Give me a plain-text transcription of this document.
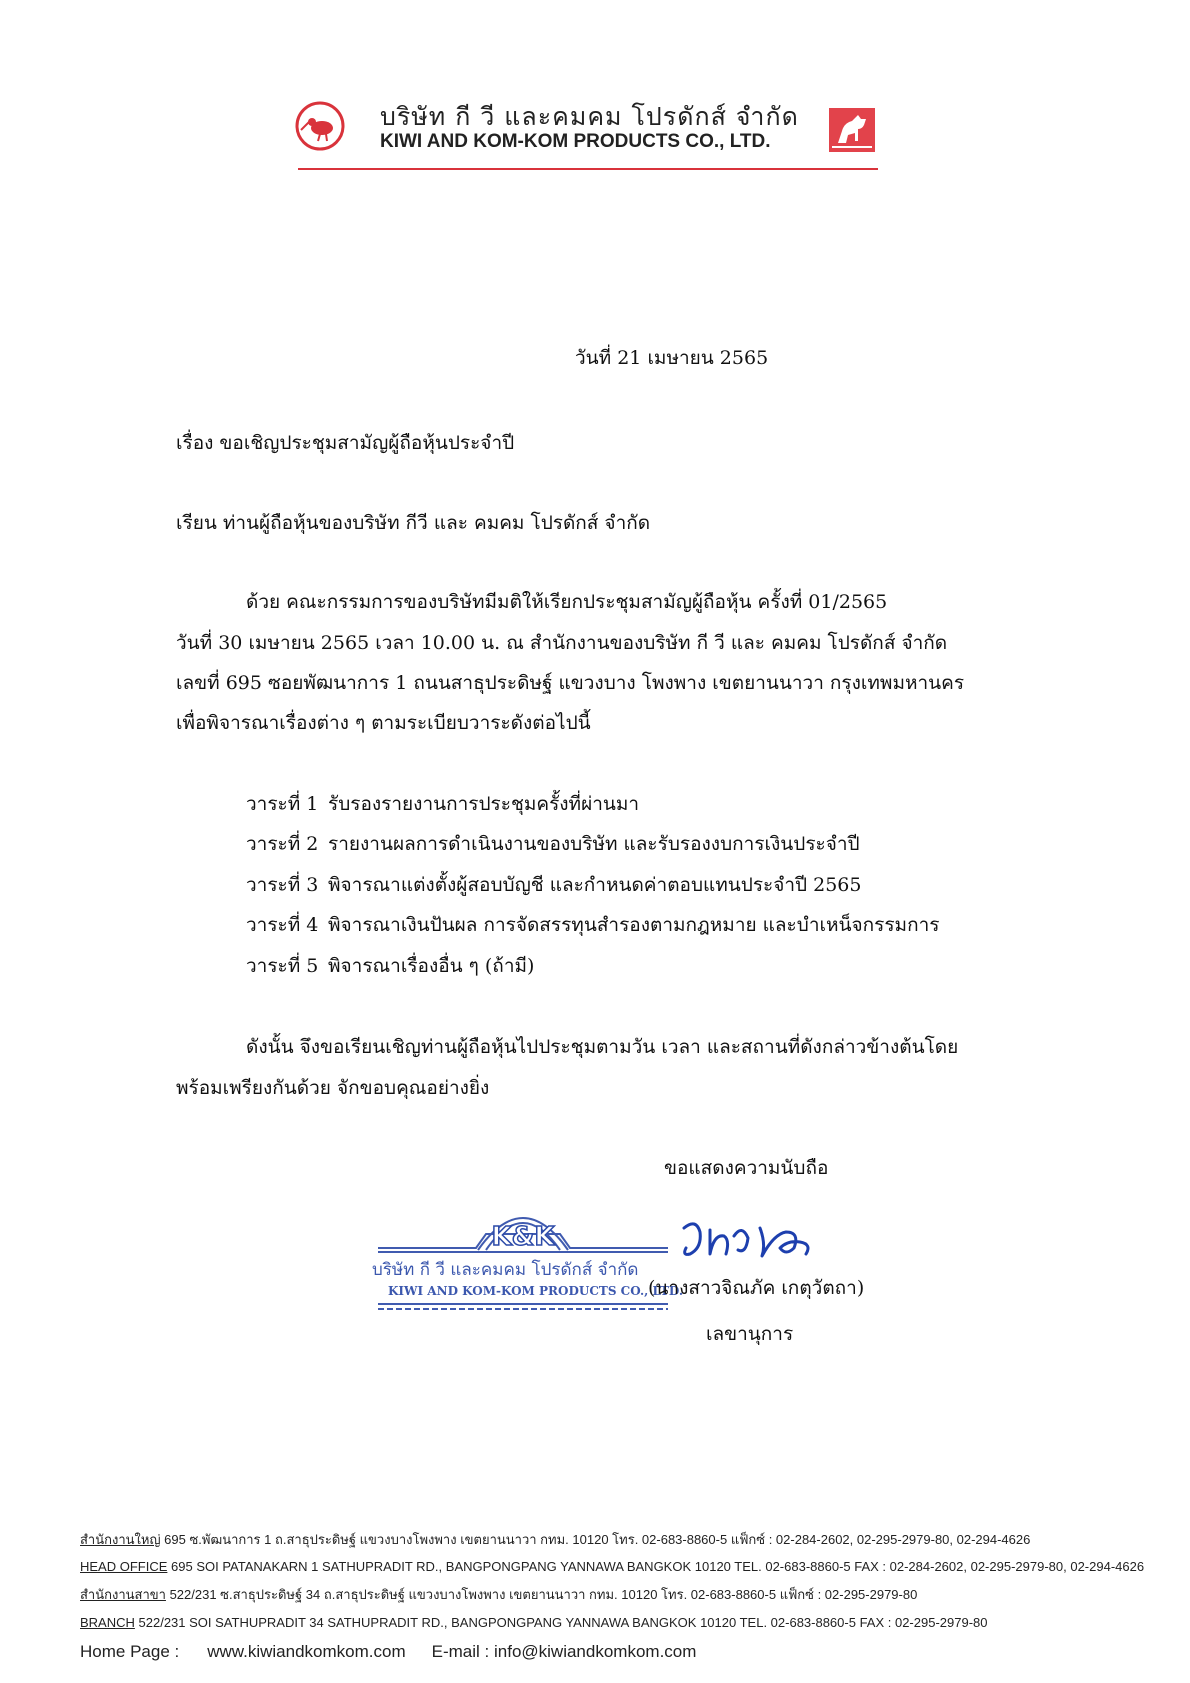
บริษัท กี วี และคมคม โปรดักส์ จำกัด
KIWI AND KOM-KOM PRODUCTS CO., LTD.
วันที่ 21 เมษายน 2565
เรื่อง ขอเชิญประชุมสามัญผู้ถือหุ้นประจำปี
เรียน ท่านผู้ถือหุ้นของบริษัท กีวี และ คมคม โปรดักส์ จำกัด
ด้วย คณะกรรมการของบริษัทมีมติให้เรียกประชุมสามัญผู้ถือหุ้น ครั้งที่ 01/2565
วันที่ 30 เมษายน 2565 เวลา 10.00 น. ณ สำนักงานของบริษัท กี วี และ คมคม โปรดักส์ จำกัด
เลขที่ 695 ซอยพัฒนาการ 1 ถนนสาธุประดิษฐ์ แขวงบาง โพงพาง เขตยานนาวา กรุงเทพมหานคร
เพื่อพิจารณาเรื่องต่าง ๆ ตามระเบียบวาระดังต่อไปนี้
วาระที่ 1 รับรองรายงานการประชุมครั้งที่ผ่านมา
วาระที่ 2 รายงานผลการดำเนินงานของบริษัท และรับรองงบการเงินประจำปี
วาระที่ 3 พิจารณาแต่งตั้งผู้สอบบัญชี และกำหนดค่าตอบแทนประจำปี 2565
วาระที่ 4 พิจารณาเงินปันผล การจัดสรรทุนสำรองตามกฎหมาย และบำเหน็จกรรมการ
วาระที่ 5 พิจารณาเรื่องอื่น ๆ (ถ้ามี)
ดังนั้น จึงขอเรียนเชิญท่านผู้ถือหุ้นไปประชุมตามวัน เวลา และสถานที่ดังกล่าวข้างต้นโดย
พร้อมเพรียงกันด้วย จักขอบคุณอย่างยิ่ง
ขอแสดงความนับถือ
K&K
บริษัท กี วี และคมคม โปรดักส์ จำกัด
KIWI AND KOM-KOM PRODUCTS CO., LTD.
(นางสาวจิณภัค เกตุวัตถา)
เลขานุการ
สำนักงานใหญ่ 695 ซ.พัฒนาการ 1 ถ.สาธุประดิษฐ์ แขวงบางโพงพาง เขตยานนาวา กทม. 10120 โทร. 02-683-8860-5 แฟ็กซ์ : 02-284-2602, 02-295-2979-80, 02-294-4626
HEAD OFFICE 695 SOI PATANAKARN 1 SATHUPRADIT RD., BANGPONGPANG YANNAWA BANGKOK 10120 TEL. 02-683-8860-5 FAX : 02-284-2602, 02-295-2979-80, 02-294-4626
สำนักงานสาขา 522/231 ซ.สาธุประดิษฐ์ 34 ถ.สาธุประดิษฐ์ แขวงบางโพงพาง เขตยานนาวา กทม. 10120 โทร. 02-683-8860-5 แฟ็กซ์ : 02-295-2979-80
BRANCH 522/231 SOI SATHUPRADIT 34 SATHUPRADIT RD., BANGPONGPANG YANNAWA BANGKOK 10120 TEL. 02-683-8860-5 FAX : 02-295-2979-80
Home Page : www.kiwiandkomkom.com E-mail : info@kiwiandkomkom.com
